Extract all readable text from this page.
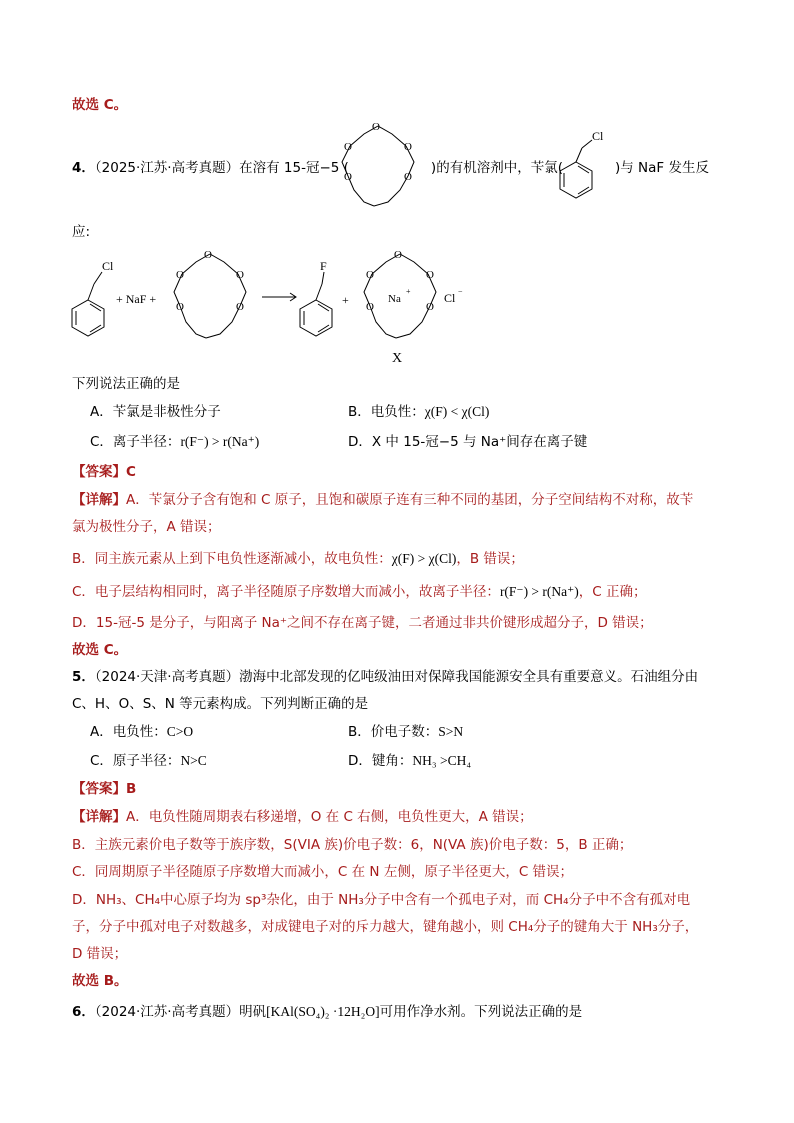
故选 C。
4．（2025·江苏·高考真题）在溶有 15-冠−5 (	)的有机溶剂中，苄氯(	)与 NaF 发生反
O
O
O
O
O
Cl
应:
Cl
+ NaF +
O
O
O
O
O
F
+
O
O
O
O
O
Na
+	Cl −
X
下列说法正确的是
A．苄氯是非极性分子	B．电负性：χ(F) < χ(Cl)
C．离子半径：r(F⁻) > r(Na⁺)	D．X 中 15-冠−5 与 Na⁺间存在离子键
【答案】C
【详解】A．苄氯分子含有饱和 C 原子，且饱和碳原子连有三种不同的基团，分子空间结构不对称，故苄
氯为极性分子，A 错误；
B．同主族元素从上到下电负性逐渐减小，故电负性：χ(F) > χ(Cl)，B 错误；
C．电子层结构相同时，离子半径随原子序数增大而减小，故离子半径：r(F⁻) > r(Na⁺)，C 正确；
D．15-冠-5 是分子，与阳离子 Na⁺之间不存在离子键，二者通过非共价键形成超分子，D 错误；
故选 C。
5．（2024·天津·高考真题）渤海中北部发现的亿吨级油田对保障我国能源安全具有重要意义。石油组分由
C、H、O、S、N 等元素构成。下列判断正确的是
A．电负性：C>O	B．价电子数：S>N
C．原子半径：N>C	D．键角：NH₃ >CH₄
【答案】B
【详解】A．电负性随周期表右移递增，O 在 C 右侧，电负性更大，A 错误；
B．主族元素价电子数等于族序数，S(VIA 族)价电子数：6，N(VA 族)价电子数：5，B 正确；
C．同周期原子半径随原子序数增大而减小，C 在 N 左侧，原子半径更大，C 错误；
D．NH₃、CH₄中心原子均为 sp³杂化，由于 NH₃分子中含有一个孤电子对，而 CH₄分子中不含有孤对电
子，分子中孤对电子对数越多，对成键电子对的斥力越大，键角越小，则 CH₄分子的键角大于 NH₃分子，
D 错误；
故选 B。
6．（2024·江苏·高考真题）明矾[KAl(SO₄)₂ ·12H₂O]可用作净水剂。下列说法正确的是
